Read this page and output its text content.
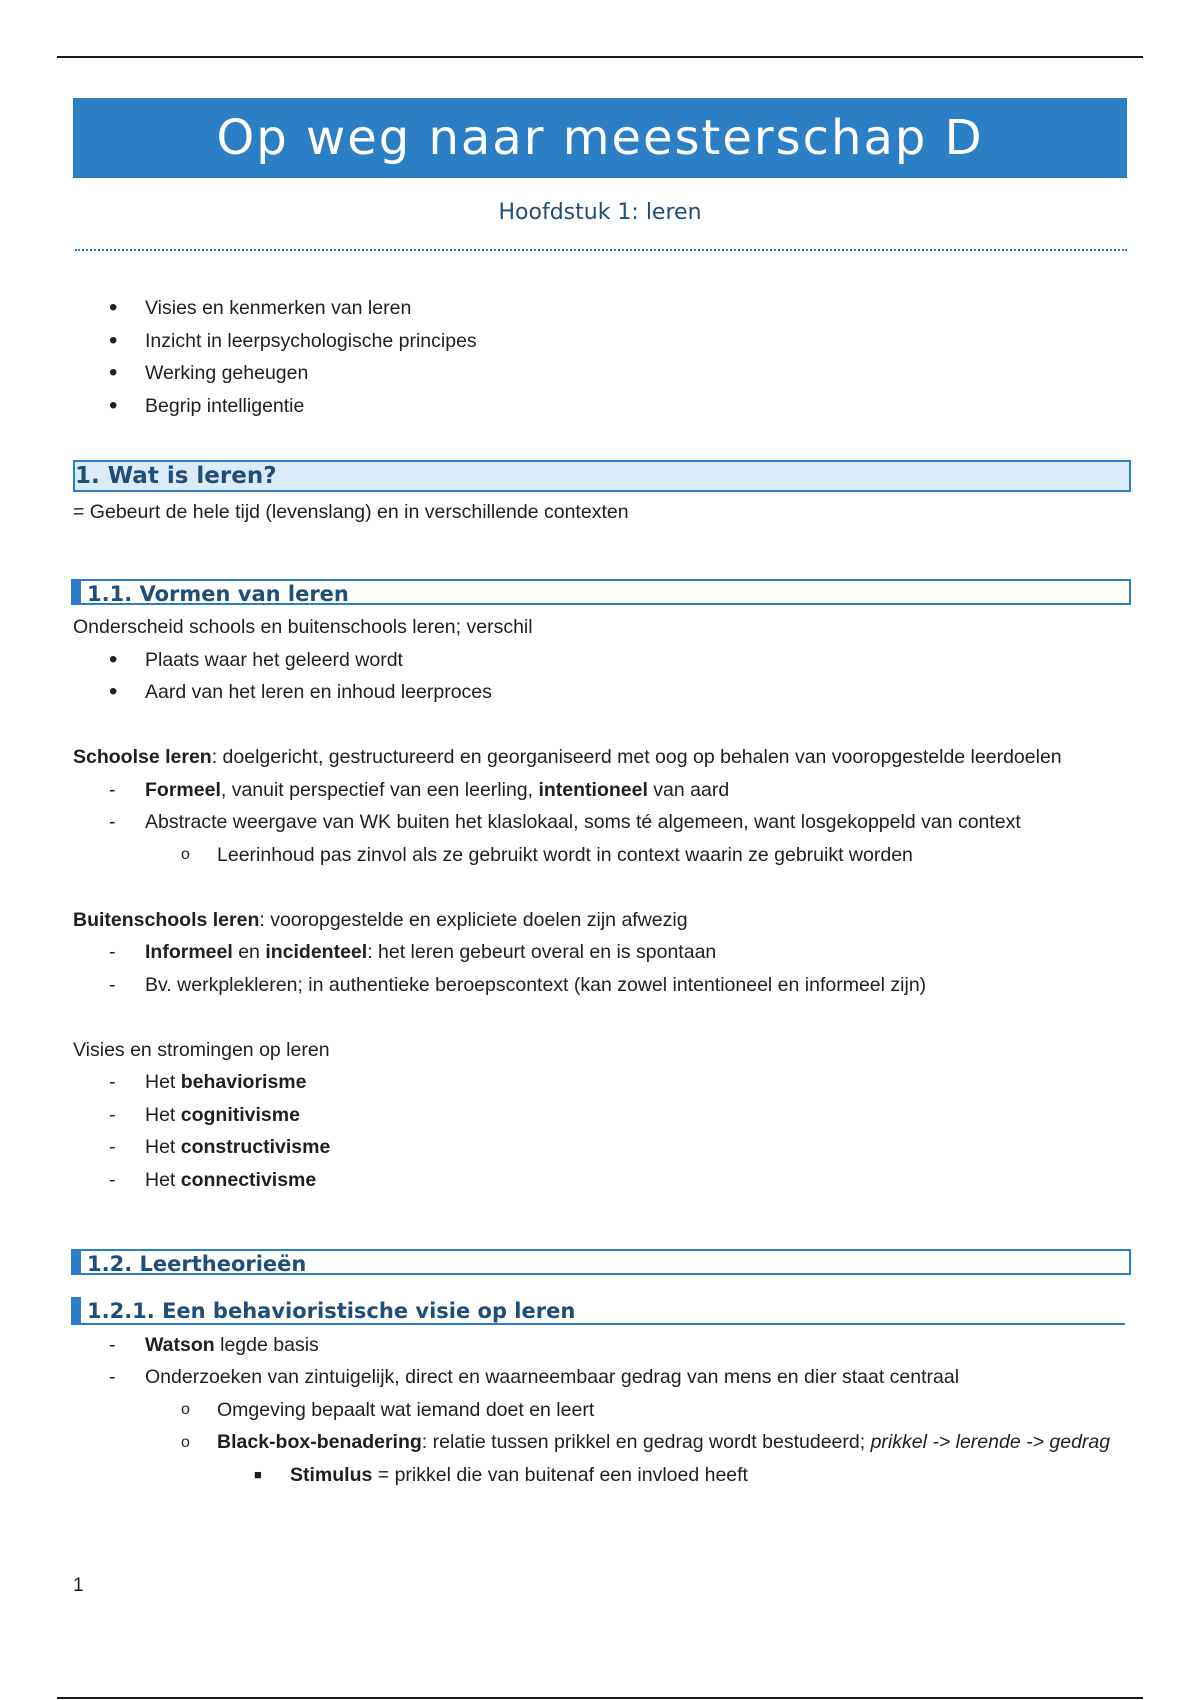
Op weg naar meesterschap D
Hoofdstuk 1: leren
• Visies en kenmerken van leren
• Inzicht in leerpsychologische principes
• Werking geheugen
• Begrip intelligentie
1. Wat is leren?
= Gebeurt de hele tijd (levenslang) en in verschillende contexten
1.1. Vormen van leren
Onderscheid schools en buitenschools leren; verschil
• Plaats waar het geleerd wordt
• Aard van het leren en inhoud leerproces
Schoolse leren: doelgericht, gestructureerd en georganiseerd met oog op behalen van vooropgestelde leerdoelen
- Formeel, vanuit perspectief van een leerling, intentioneel van aard
- Abstracte weergave van WK buiten het klaslokaal, soms té algemeen, want losgekoppeld van context
o Leerinhoud pas zinvol als ze gebruikt wordt in context waarin ze gebruikt worden
Buitenschools leren: vooropgestelde en expliciete doelen zijn afwezig
- Informeel en incidenteel: het leren gebeurt overal en is spontaan
- Bv. werkplekleren; in authentieke beroepscontext (kan zowel intentioneel en informeel zijn)
Visies en stromingen op leren
- Het behaviorisme
- Het cognitivisme
- Het constructivisme
- Het connectivisme
1.2. Leertheorieën
1.2.1. Een behavioristische visie op leren
- Watson legde basis
- Onderzoeken van zintuigelijk, direct en waarneembaar gedrag van mens en dier staat centraal
o Omgeving bepaalt wat iemand doet en leert
o Black-box-benadering: relatie tussen prikkel en gedrag wordt bestudeerd; prikkel -> lerende -> gedrag
■ Stimulus = prikkel die van buitenaf een invloed heeft
1
